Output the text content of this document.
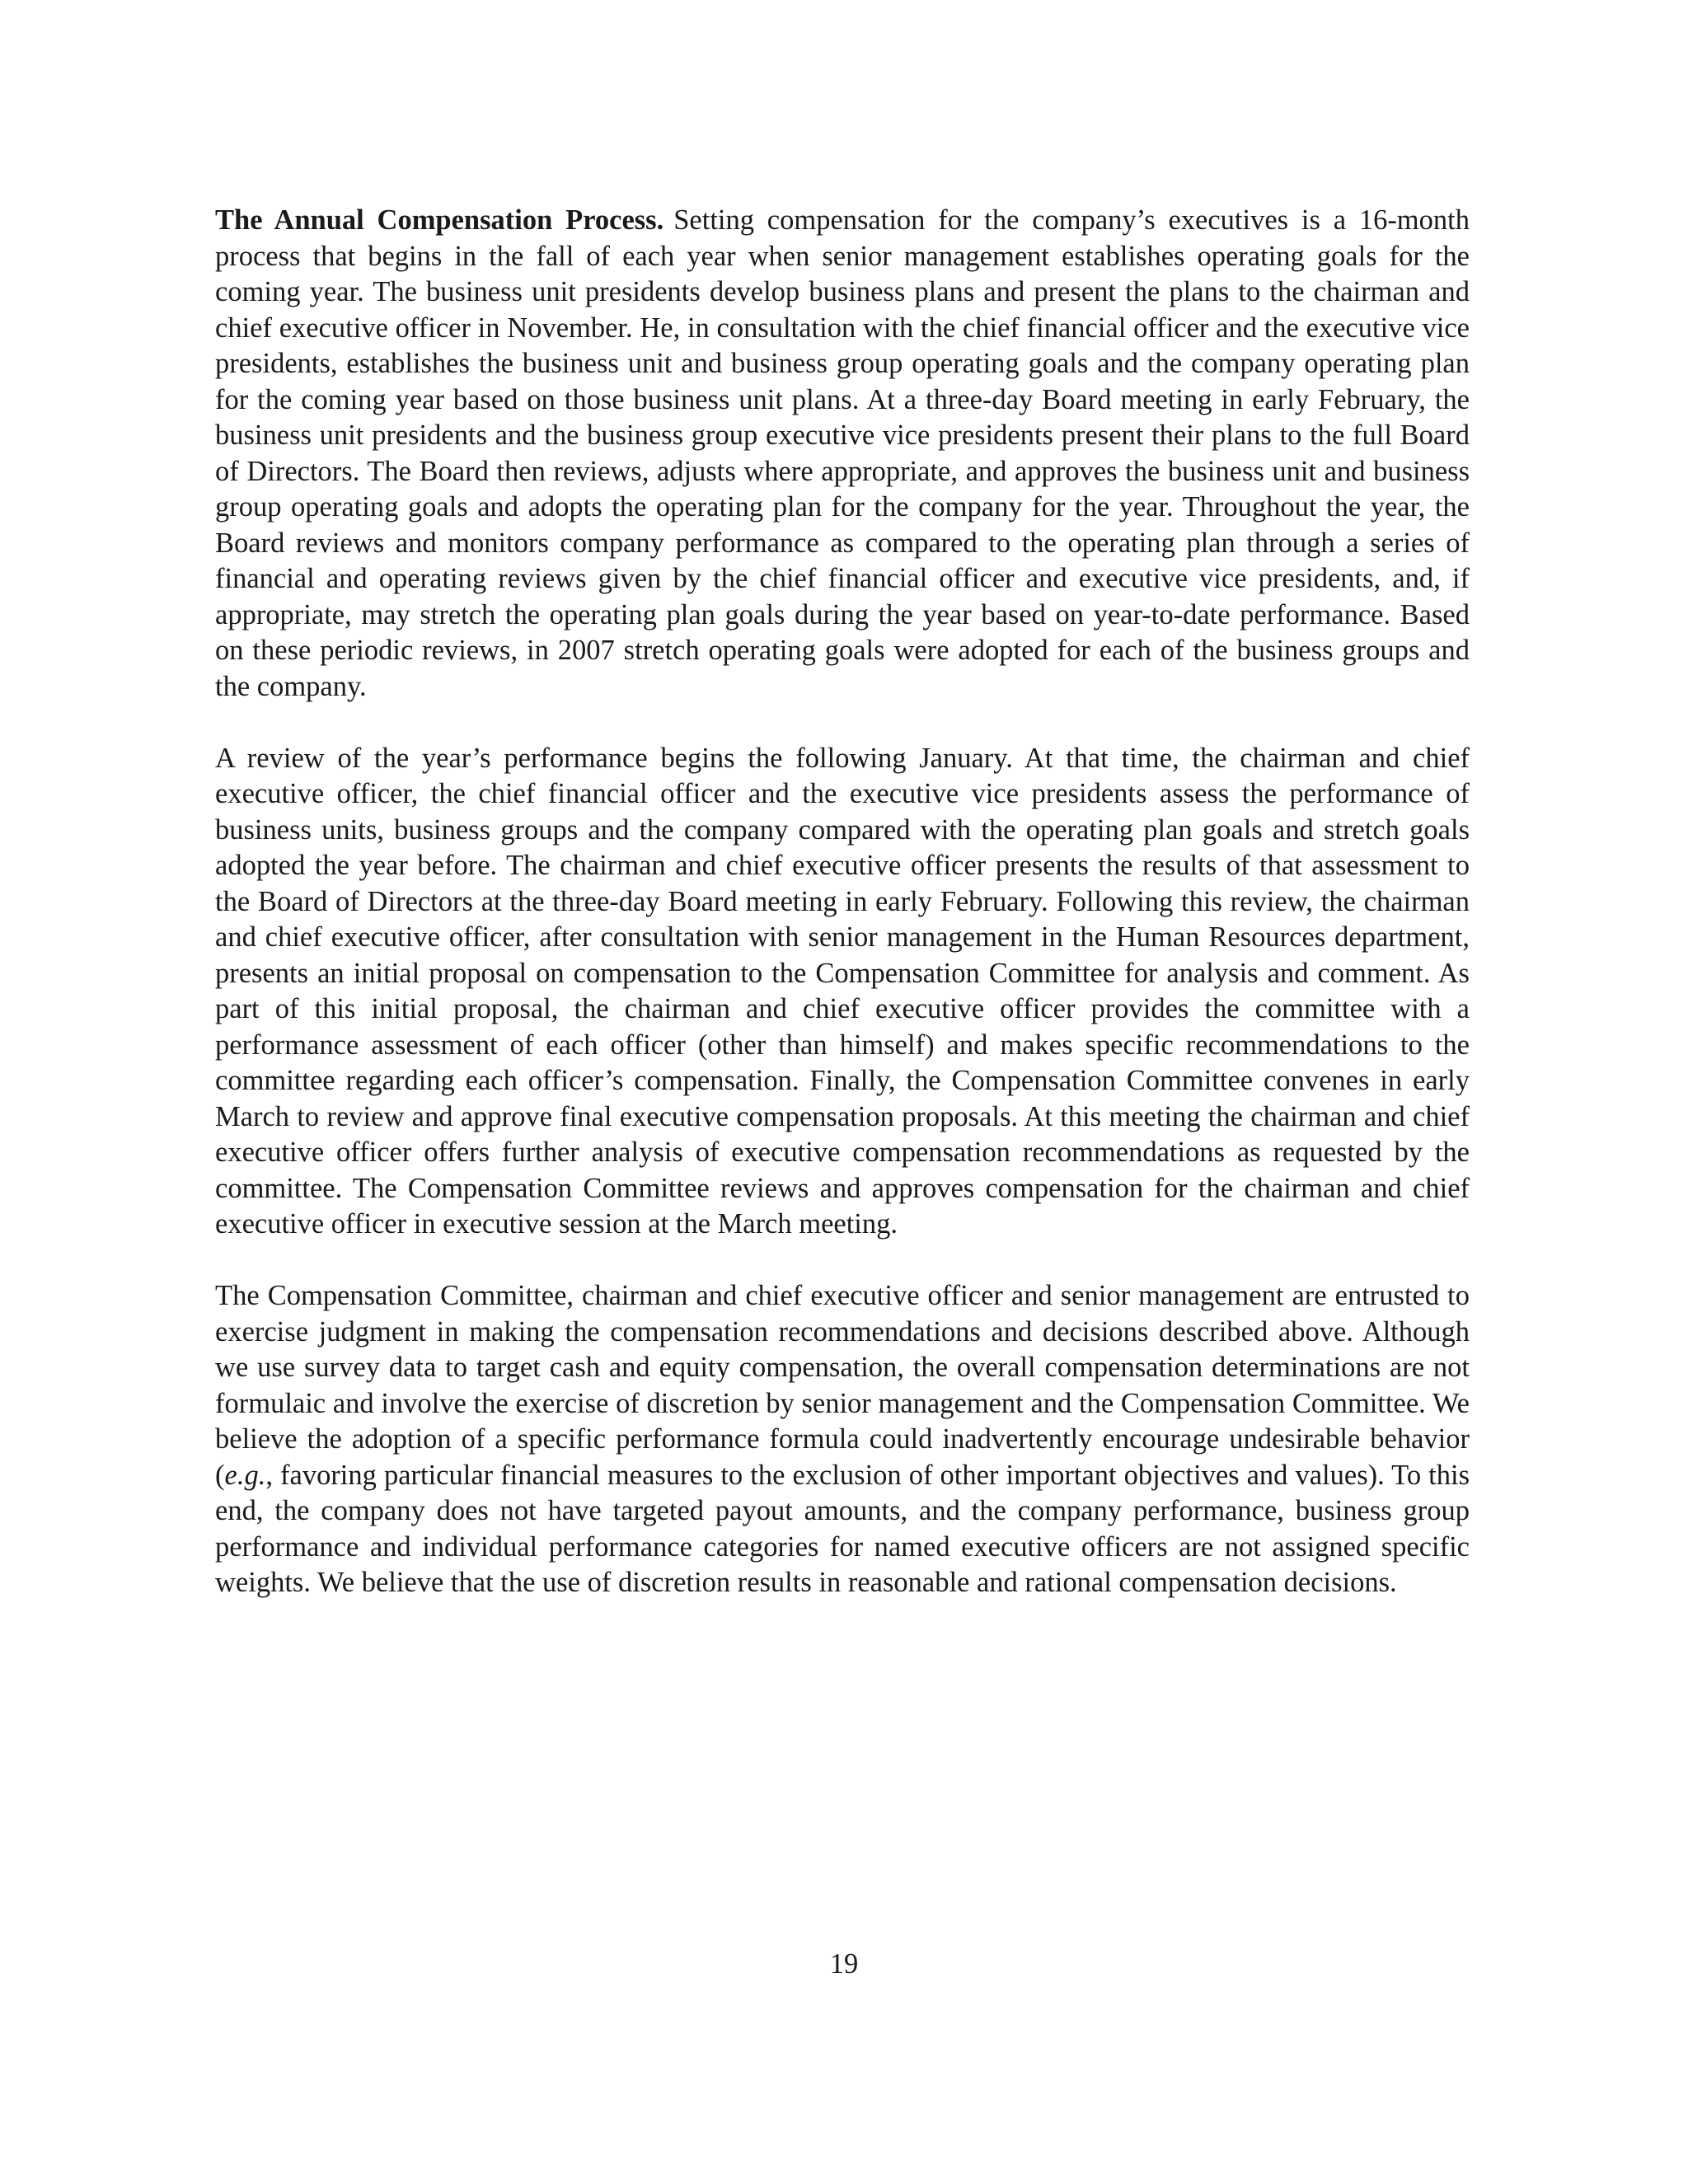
The Annual Compensation Process. Setting compensation for the company’s executives is a 16-month process that begins in the fall of each year when senior management establishes operating goals for the coming year. The business unit presidents develop business plans and present the plans to the chairman and chief executive officer in November. He, in consultation with the chief financial officer and the executive vice presidents, establishes the business unit and business group operating goals and the company operating plan for the coming year based on those business unit plans. At a three-day Board meeting in early February, the business unit presidents and the business group executive vice presidents present their plans to the full Board of Directors. The Board then reviews, adjusts where appropriate, and approves the business unit and business group operating goals and adopts the operating plan for the company for the year. Throughout the year, the Board reviews and monitors company performance as compared to the operating plan through a series of financial and operating reviews given by the chief financial officer and executive vice presidents, and, if appropriate, may stretch the operating plan goals during the year based on year-to-date performance. Based on these periodic reviews, in 2007 stretch operating goals were adopted for each of the business groups and the company.

A review of the year’s performance begins the following January. At that time, the chairman and chief executive officer, the chief financial officer and the executive vice presidents assess the performance of business units, business groups and the company compared with the operating plan goals and stretch goals adopted the year before. The chairman and chief executive officer presents the results of that assessment to the Board of Directors at the three-day Board meeting in early February. Following this review, the chairman and chief executive officer, after consultation with senior management in the Human Resources department, presents an initial proposal on compensation to the Compensation Committee for analysis and comment. As part of this initial proposal, the chairman and chief executive officer provides the committee with a performance assessment of each officer (other than himself) and makes specific recommendations to the committee regarding each officer’s compensation. Finally, the Compensation Committee convenes in early March to review and approve final executive compensation proposals. At this meeting the chairman and chief executive officer offers further analysis of executive compensation recommendations as requested by the committee. The Compensation Committee reviews and approves compensation for the chairman and chief executive officer in executive session at the March meeting.

The Compensation Committee, chairman and chief executive officer and senior management are entrusted to exercise judgment in making the compensation recommendations and decisions described above. Although we use survey data to target cash and equity compensation, the overall compensation determinations are not formulaic and involve the exercise of discretion by senior management and the Compensation Committee. We believe the adoption of a specific performance formula could inadvertently encourage undesirable behavior (e.g., favoring particular financial measures to the exclusion of other important objectives and values). To this end, the company does not have targeted payout amounts, and the company performance, business group performance and individual performance categories for named executive officers are not assigned specific weights. We believe that the use of discretion results in reasonable and rational compensation decisions.

19
